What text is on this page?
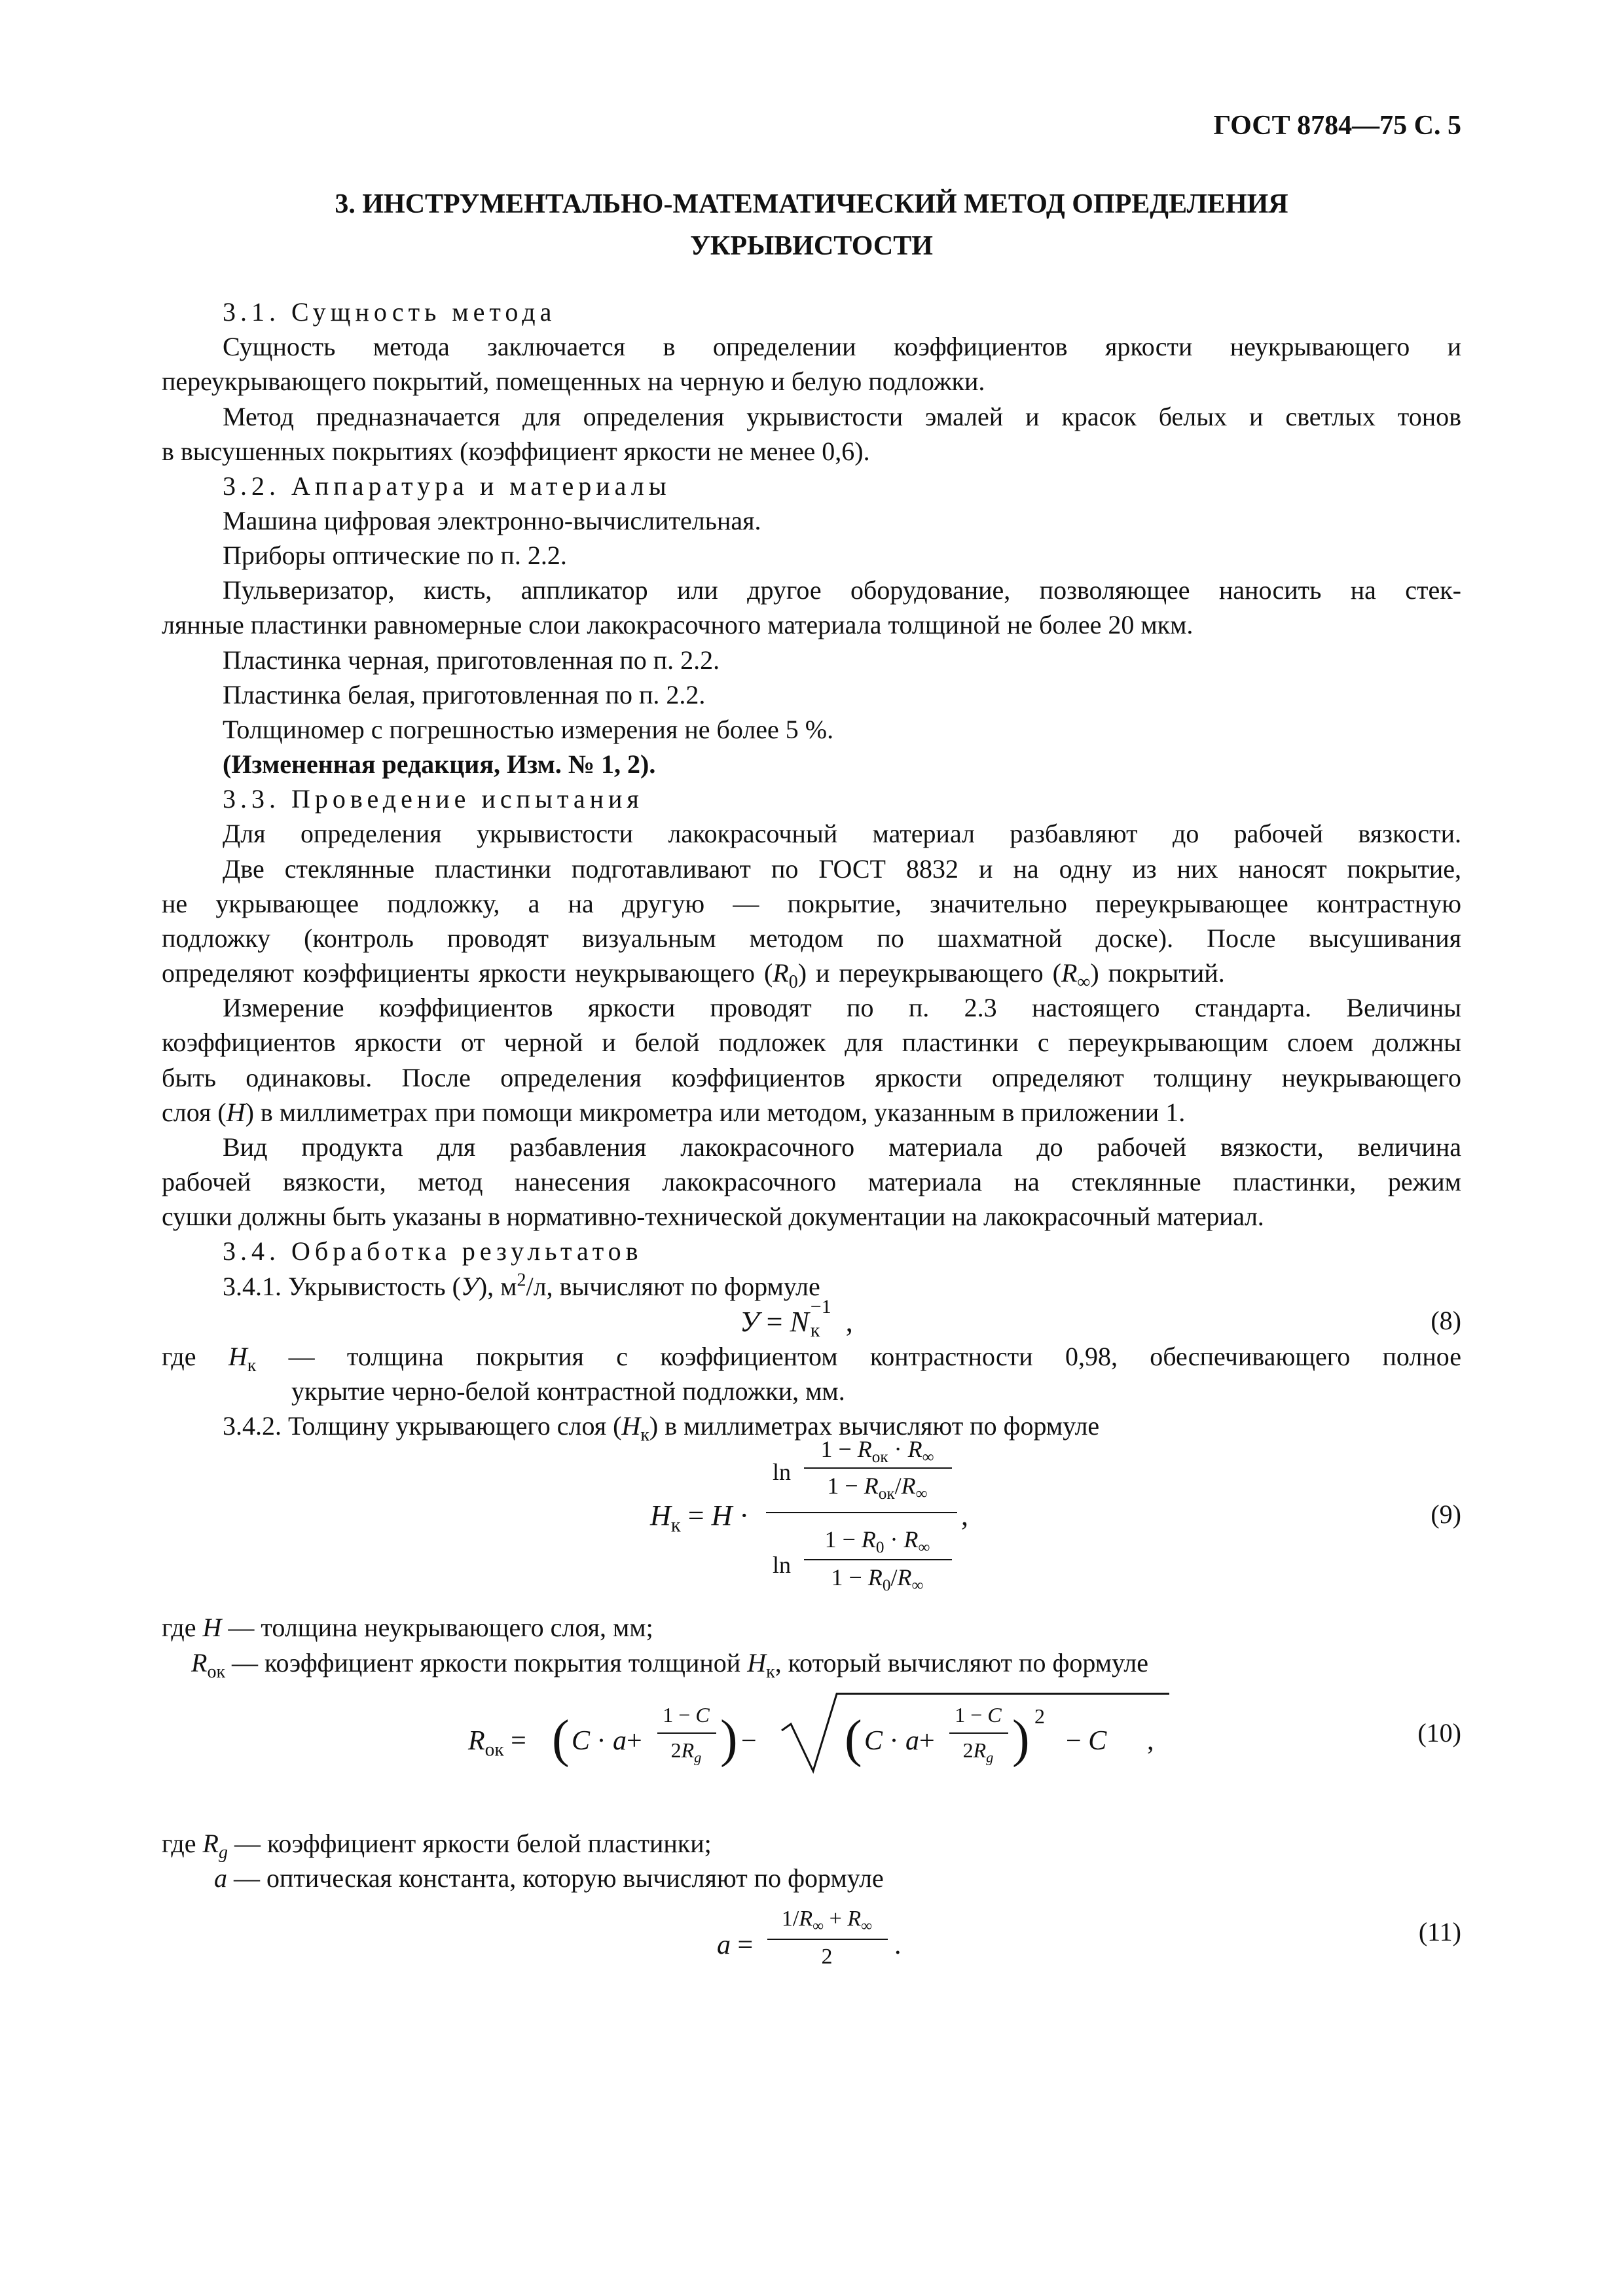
ГОСТ 8784—75 С. 5
3. ИНСТРУМЕНТАЛЬНО-МАТЕМАТИЧЕСКИЙ МЕТОД ОПРЕДЕЛЕНИЯ
УКРЫВИСТОСТИ
3.1. Сущность метода
Сущность метода заключается в определении коэффициентов яркости неукрывающего и
переукрывающего покрытий, помещенных на черную и белую подложки.
Метод предназначается для определения укрывистости эмалей и красок белых и светлых тонов
в высушенных покрытиях (коэффициент яркости не менее 0,6).
3.2. Аппаратура и материалы
Машина цифровая электронно-вычислительная.
Приборы оптические по п. 2.2.
Пульверизатор, кисть, аппликатор или другое оборудование, позволяющее наносить на стек-
лянные пластинки равномерные слои лакокрасочного материала толщиной не более 20 мкм.
Пластинка черная, приготовленная по п. 2.2.
Пластинка белая, приготовленная по п. 2.2.
Толщиномер с погрешностью измерения не более 5 %.
(Измененная редакция, Изм. № 1, 2).
3.3. Проведение испытания
Для определения укрывистости лакокрасочный материал разбавляют до рабочей вязкости.
Две стеклянные пластинки подготавливают по ГОСТ 8832 и на одну из них наносят покрытие,
не укрывающее подложку, а на другую — покрытие, значительно переукрывающее контрастную
подложку (контроль проводят визуальным методом по шахматной доске). После высушивания
определяют коэффициенты яркости неукрывающего $(R_0)$ и переукрывающего $(R_\infty)$ покрытий.
Измерение коэффициентов яркости проводят по п. 2.3 настоящего стандарта. Величины
коэффициентов яркости от черной и белой подложек для пластинки с переукрывающим слоем должны
быть одинаковы. После определения коэффициентов яркости определяют толщину неукрывающего
слоя (H) в миллиметрах при помощи микрометра или методом, указанным в приложении 1.
Вид продукта для разбавления лакокрасочного материала до рабочей вязкости, величина
рабочей вязкости, метод нанесения лакокрасочного материала на стеклянные пластинки, режим
сушки должны быть указаны в нормативно-технической документации на лакокрасочный материал.
3.4. Обработка результатов
3.4.1. Укрывистость (У), $м^2/л$, вычисляют по формуле
У = N −1
к ,	(8)
где $H_к$ — толщина покрытия с коэффициентом контрастности 0,98, обеспечивающего полное
укрытие черно-белой контрастной подложки, мм.
3.4.2. Толщину укрывающего слоя $(H_к)$ в миллиметрах вычисляют по формуле
$H_к = H$ ·
ln
$1 - R_{ок} \cdot R_\infty$
$1 - R_{ок}/R_\infty$
ln
$1 - R_0 \cdot R_\infty$
$1 - R_0/R_\infty$
,	(9)
где H — толщина неукрывающего слоя, мм;
$R_{ок}$ — коэффициент яркости покрытия толщиной $H_к$, который вычисляют по формуле
$R_{ок}$ = ( C · a+
1 − C
$2R_g$ ) − ( C · a+
1 − C
$2R_g$ ) 2
− C ,	(10)
где $R_g$ — коэффициент яркости белой пластинки;
a — оптическая константа, которую вычисляют по формуле
a =
$1/R_\infty + R_\infty$
2	.	(11)
